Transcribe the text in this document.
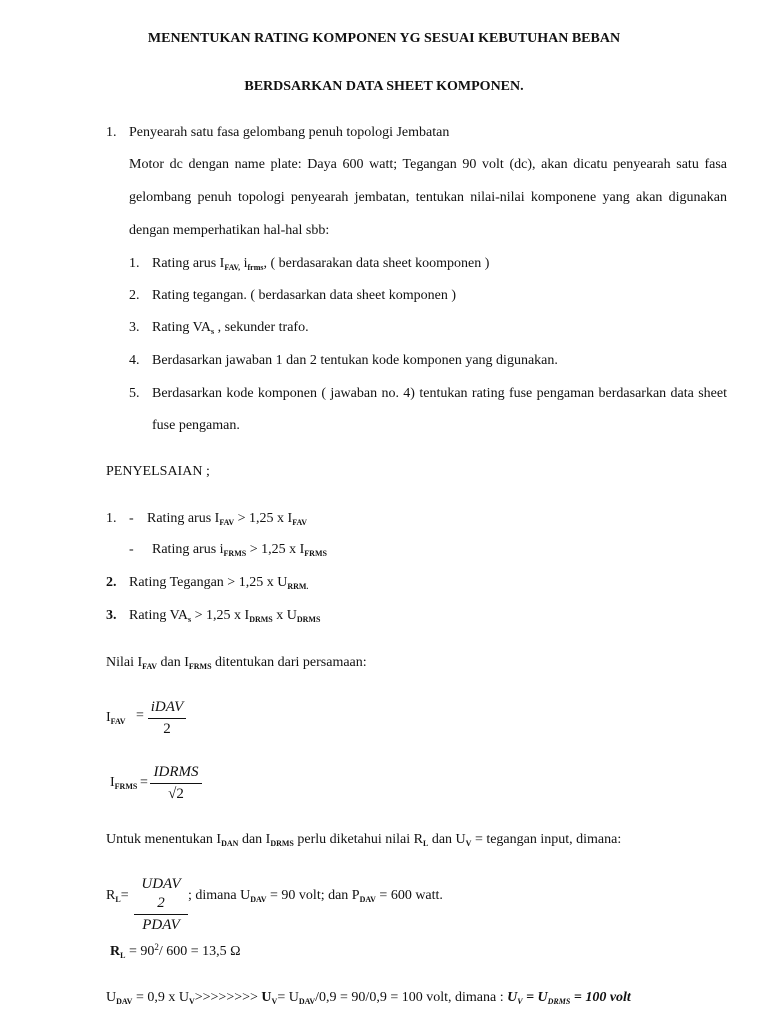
MENENTUKAN RATING KOMPONEN YG SESUAI KEBUTUHAN BEBAN
BERDSARKAN DATA SHEET KOMPONEN.
1. Penyearah satu fasa gelombang penuh topologi Jembatan
Motor dc dengan name plate: Daya 600 watt; Tegangan 90 volt (dc), akan dicatu penyearah satu fasa
gelombang penuh topologi penyearah jembatan, tentukan nilai-nilai komponene yang akan digunakan
dengan memperhatikan hal-hal sbb:
1. Rating arus $I_{FAV,}$ $i_{frms}$, ( berdasarakan data sheet koomponen )
2. Rating tegangan. ( berdasarkan data sheet komponen )
3. Rating $VA_s$ , sekunder trafo.
4. Berdasarkan jawaban 1 dan 2 tentukan kode komponen yang digunakan.
5. Berdasarkan kode komponen ( jawaban no. 4) tentukan rating fuse pengaman berdasarkan data sheet
fuse pengaman.
PENYELSAIAN ;
1. - Rating arus $I_{FAV} > 1,25$ x $I_{FAV}$
- Rating arus $i_{FRMS} > 1,25$ x $I_{FRMS}$
2. Rating Tegangan > 1,25 x $U_{RRM.}$
3. Rating $VA_s > 1,25$ x $I_{DRMS}$ x $U_{DRMS}$
Nilai $I_{FAV}$ dan $I_{FRMS}$ ditentukan dari persamaan:
$I_{FAV}$ =
iDAV
2
$I_{FRMS}$ =
IDRMS
√2
Untuk menentukan $I_{DAN}$ dan $I_{DRMS}$ perlu diketahui nilai $R_L$ dan $U_V$ = tegangan input, dimana:
$R_L=$
UDAV 2
PDAV
; dimana $U_{DAV} = 90$ volt; dan $P_{DAV} = 600$ watt.
$R_L = 90^2/$ 600 = 13,5 Ω
$U_{DAV} = 0,9$ x $U_V>>>>>>>> U_V= U_{DAV}/0,9 = 90/0,9 = 100$ volt, dimana : $U_V = U_{DRMS} = 100$ volt
